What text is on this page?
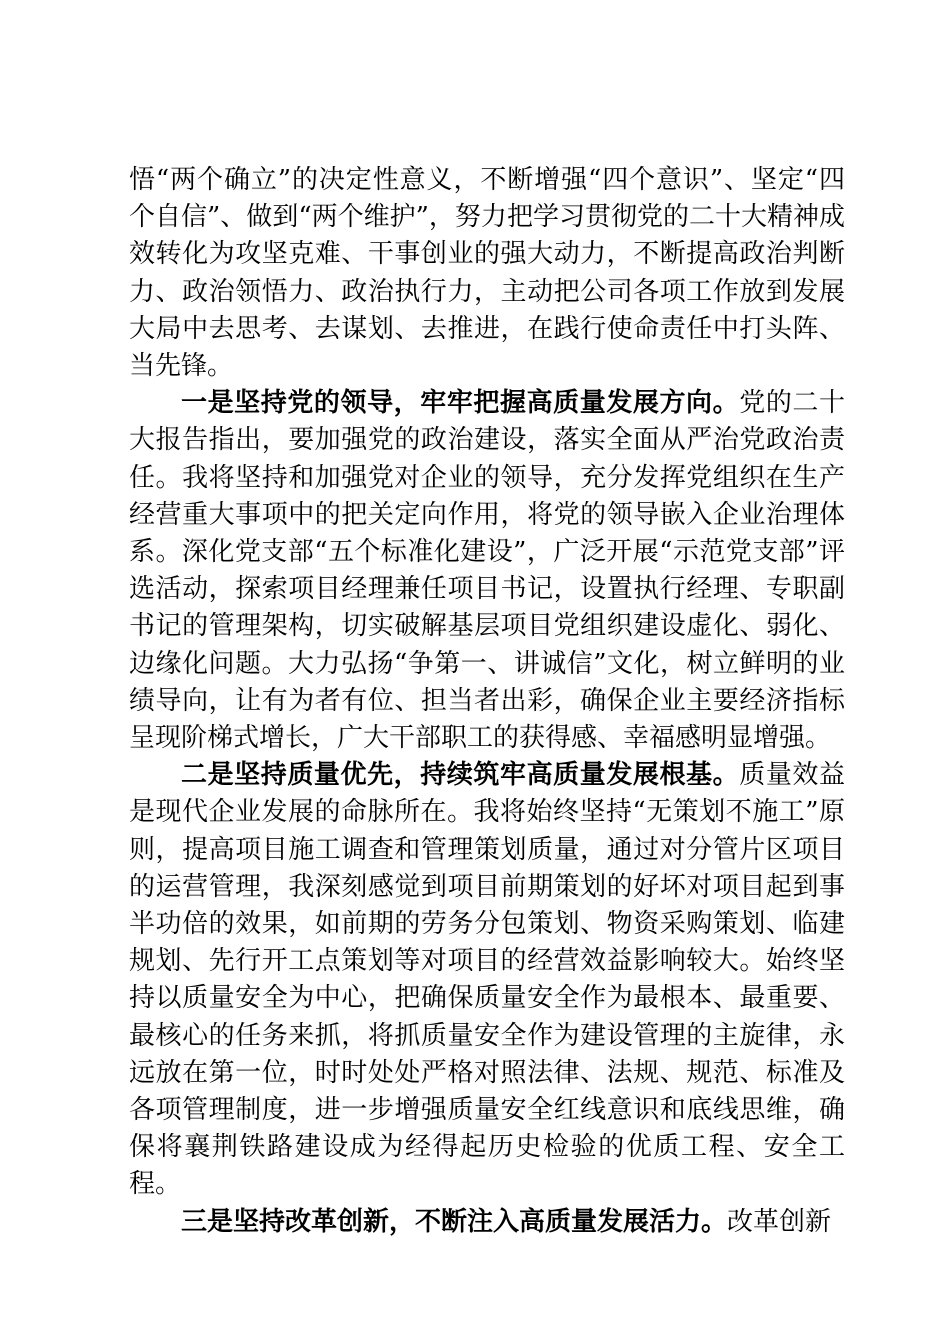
悟“两个确立”的决定性意义，不断增强“四个意识”、坚定“四个自信”、做到“两个维护”，努力把学习贯彻党的二十大精神成效转化为攻坚克难、干事创业的强大动力，不断提高政治判断力、政治领悟力、政治执行力，主动把公司各项工作放到发展大局中去思考、去谋划、去推进，在践行使命责任中打头阵、当先锋。

一是坚持党的领导，牢牢把握高质量发展方向。党的二十大报告指出，要加强党的政治建设，落实全面从严治党政治责任。我将坚持和加强党对企业的领导，充分发挥党组织在生产经营重大事项中的把关定向作用，将党的领导嵌入企业治理体系。深化党支部“五个标准化建设”，广泛开展“示范党支部”评选活动，探索项目经理兼任项目书记，设置执行经理、专职副书记的管理架构，切实破解基层项目党组织建设虚化、弱化、边缘化问题。大力弘扬“争第一、讲诚信”文化，树立鲜明的业绩导向，让有为者有位、担当者出彩，确保企业主要经济指标呈现阶梯式增长，广大干部职工的获得感、幸福感明显增强。

二是坚持质量优先，持续筑牢高质量发展根基。质量效益是现代企业发展的命脉所在。我将始终坚持“无策划不施工”原则，提高项目施工调查和管理策划质量，通过对分管片区项目的运营管理，我深刻感觉到项目前期策划的好坏对项目起到事半功倍的效果，如前期的劳务分包策划、物资采购策划、临建规划、先行开工点策划等对项目的经营效益影响较大。始终坚持以质量安全为中心，把确保质量安全作为最根本、最重要、最核心的任务来抓，将抓质量安全作为建设管理的主旋律，永远放在第一位，时时处处严格对照法律、法规、规范、标准及各项管理制度，进一步增强质量安全红线意识和底线思维，确保将襄荆铁路建设成为经得起历史检验的优质工程、安全工程。

三是坚持改革创新，不断注入高质量发展活力。改革创新
